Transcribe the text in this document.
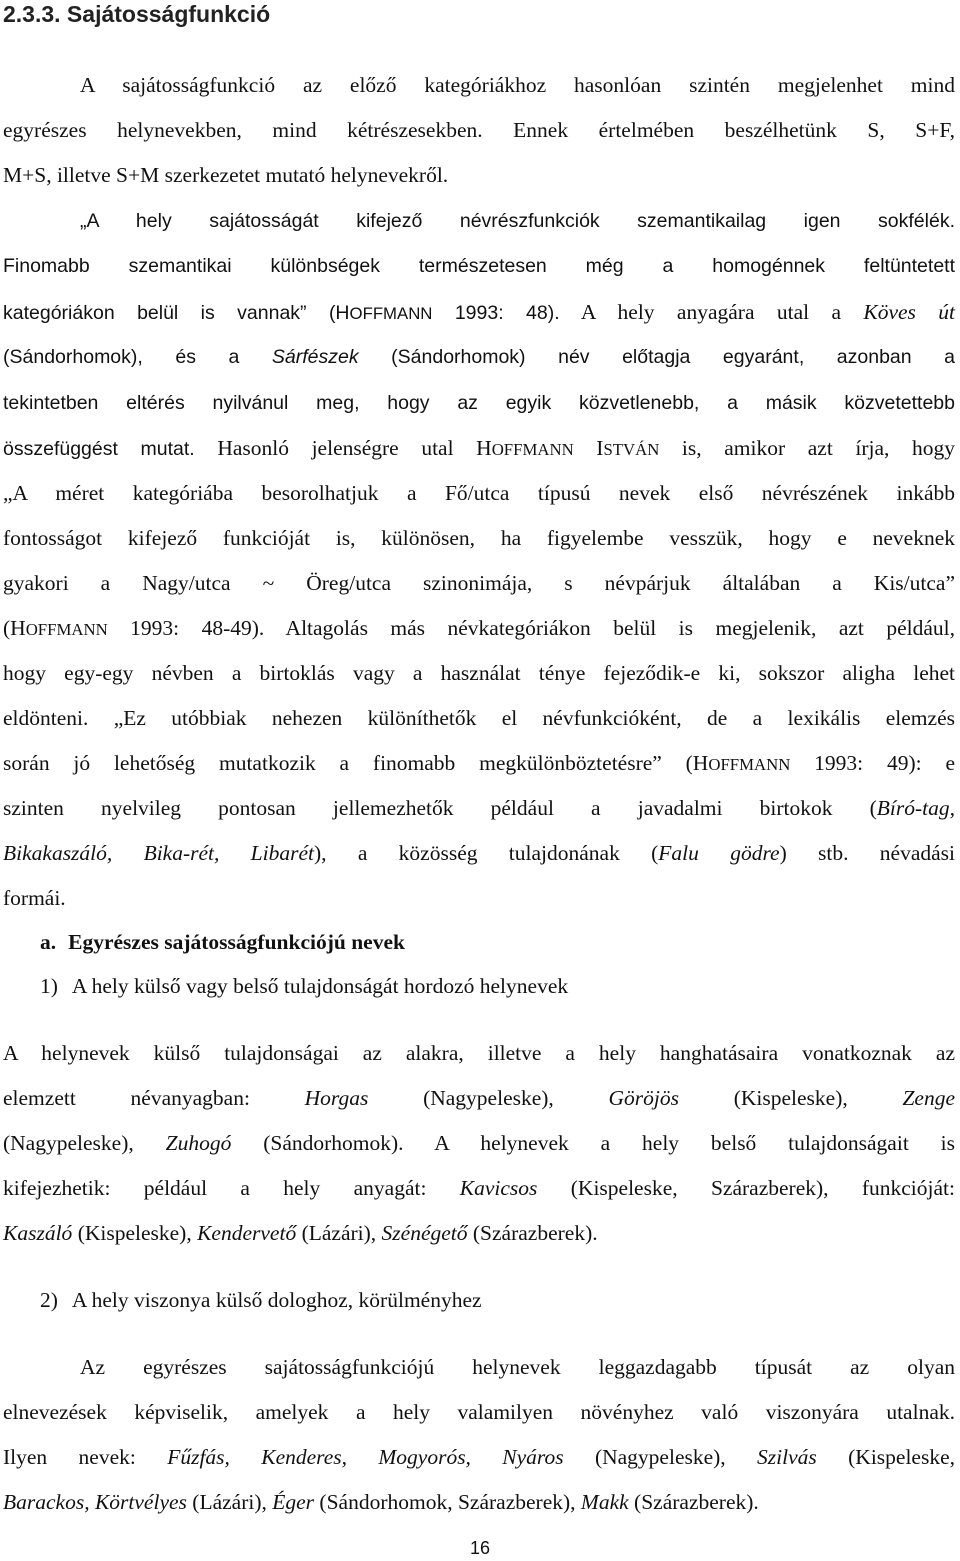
2.3.3. Sajátosságfunkció
A sajátosságfunkció az előző kategóriákhoz hasonlóan szintén megjelenhet mind
egyrészes helynevekben, mind kétrészesekben. Ennek értelmében beszélhetünk S, S+F,
M+S, illetve S+M szerkezetet mutató helynevekről.
„A hely sajátosságát kifejező névrészfunkciók szemantikailag igen sokfélék.
Finomabb szemantikai különbségek természetesen még a homogénnek feltüntetett
kategóriákon belül is vannak” (HOFFMANN 1993: 48). A hely anyagára utal a Köves út
(Sándorhomok), és a Sárfészek (Sándorhomok) név előtagja egyaránt, azonban a
tekintetben eltérés nyilvánul meg, hogy az egyik közvetlenebb, a másik közvetettebb
összefüggést mutat. Hasonló jelenségre utal HOFFMANN ISTVÁN is, amikor azt írja, hogy
„A méret kategóriába besorolhatjuk a Fő/utca típusú nevek első névrészének inkább
fontosságot kifejező funkcióját is, különösen, ha figyelembe vesszük, hogy e neveknek
gyakori a Nagy/utca ~ Öreg/utca szinonimája, s névpárjuk általában a Kis/utca”
(HOFFMANN 1993: 48-49). Altagolás más névkategóriákon belül is megjelenik, azt például,
hogy egy-egy névben a birtoklás vagy a használat ténye fejeződik-e ki, sokszor aligha lehet
eldönteni. „Ez utóbbiak nehezen különíthetők el névfunkcióként, de a lexikális elemzés
során jó lehetőség mutatkozik a finomabb megkülönböztetésre” (HOFFMANN 1993: 49): e
szinten nyelvileg pontosan jellemezhetők például a javadalmi birtokok (Bíró-tag,
Bikakaszáló, Bika-rét, Libarét), a közösség tulajdonának (Falu gödre) stb. névadási
formái.
a. Egyrészes sajátosságfunkciójú nevek
1) A hely külső vagy belső tulajdonságát hordozó helynevek
A helynevek külső tulajdonságai az alakra, illetve a hely hanghatásaira vonatkoznak az
elemzett névanyagban: Horgas (Nagypeleske), Göröjös (Kispeleske), Zenge
(Nagypeleske), Zuhogó (Sándorhomok). A helynevek a hely belső tulajdonságait is
kifejezhetik: például a hely anyagát: Kavicsos (Kispeleske, Szárazberek), funkcióját:
Kaszáló (Kispeleske), Kendervető (Lázári), Szénégető (Szárazberek).
2) A hely viszonya külső dologhoz, körülményhez
Az egyrészes sajátosságfunkciójú helynevek leggazdagabb típusát az olyan
elnevezések képviselik, amelyek a hely valamilyen növényhez való viszonyára utalnak.
Ilyen nevek: Fűzfás, Kenderes, Mogyorós, Nyáros (Nagypeleske), Szilvás (Kispeleske,
Barackos, Körtvélyes (Lázári), Éger (Sándorhomok, Szárazberek), Makk (Szárazberek).
16
